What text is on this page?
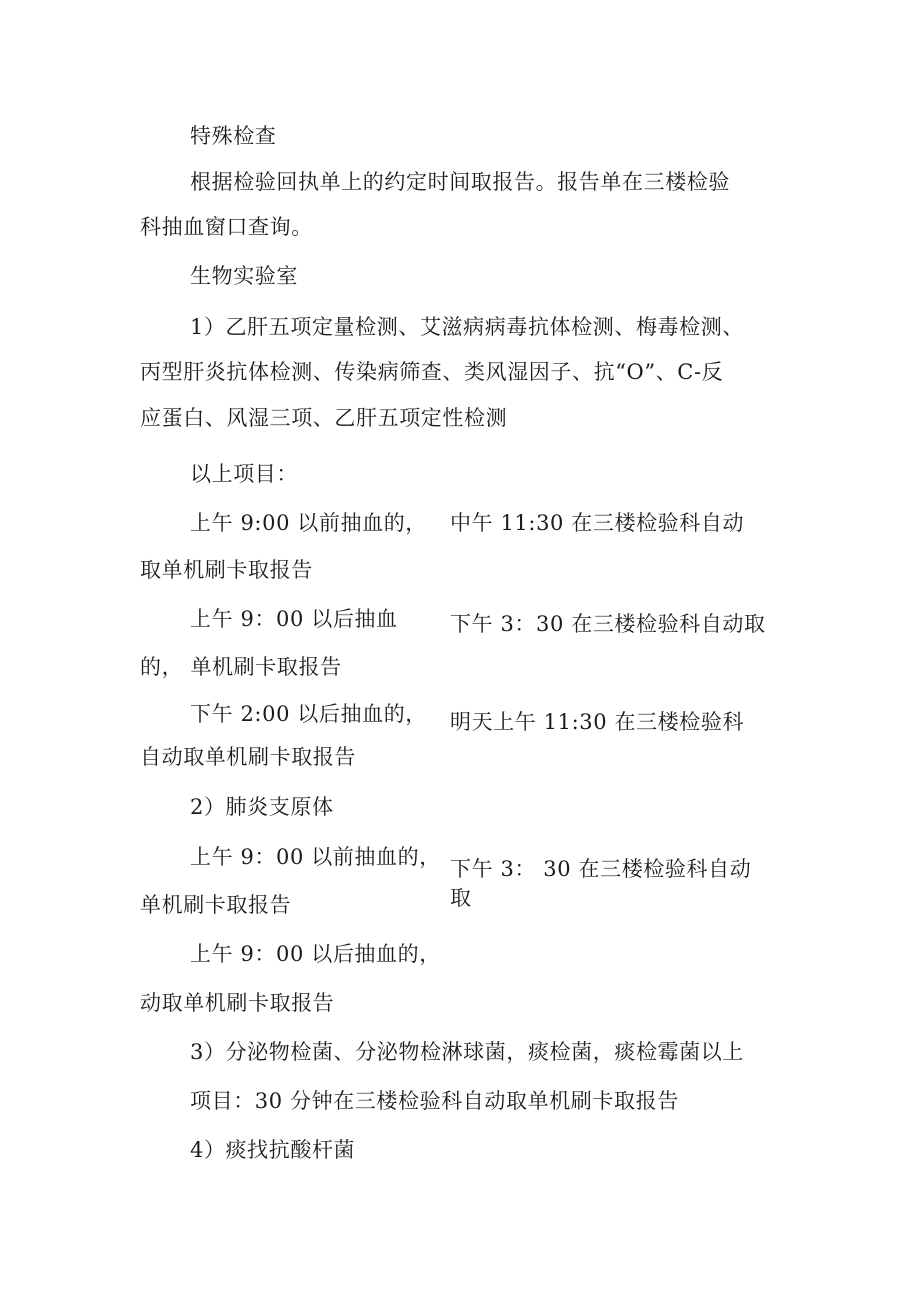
特殊检查

根据检验回执单上的约定时间取报告。报告单在三楼检验

科抽血窗口查询。

生物实验室

1）乙肝五项定量检测、艾滋病病毒抗体检测、梅毒检测、

丙型肝炎抗体检测、传染病筛查、类风湿因子、抗“O”、C-反

应蛋白、风湿三项、乙肝五项定性检测

以上项目：

上午 9:00 以前抽血的， 中午 11:30 在三楼检验科自动

取单机刷卡取报告

上午 9：00 以后抽血 下午 3：30 在三楼检验科自动取

的， 单机刷卡取报告

下午 2:00 以后抽血的， 明天上午 11:30 在三楼检验科

自动取单机刷卡取报告

2）肺炎支原体

上午 9：00 以前抽血的， 下午 3： 30 在三楼检验科自动

取

单机刷卡取报告

上午 9：00 以后抽血的，

动取单机刷卡取报告

3）分泌物检菌、分泌物检淋球菌，痰检菌，痰检霉菌以上

项目：30 分钟在三楼检验科自动取单机刷卡取报告

4）痰找抗酸杆菌
